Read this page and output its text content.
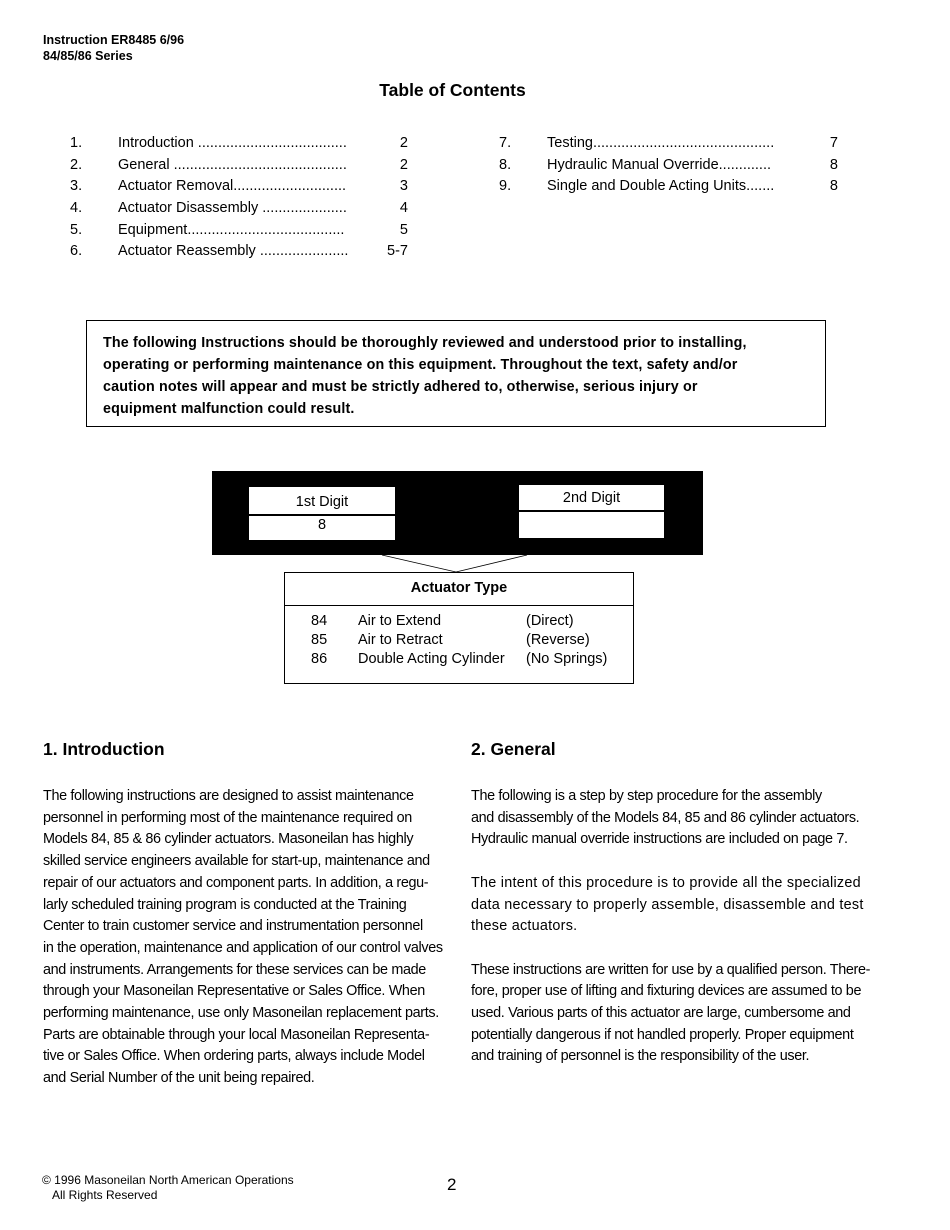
Instruction ER8485 6/96
84/85/86 Series
Table of Contents
1. Introduction .....................................	2
2. General ...........................................	2
3. Actuator Removal............................	3
4. Actuator Disassembly .....................	4
5. Equipment.......................................	5
6. Actuator Reassembly ......................	5-7
7. Testing.............................................	7
8. Hydraulic Manual Override.............	8
9. Single and Double Acting Units.......	8
The following Instructions should be thoroughly reviewed and understood prior to installing,
operating or performing maintenance on this equipment. Throughout the text, safety and/or
caution notes will appear and must be strictly adhered to, otherwise, serious injury or
equipment malfunction could result.
1st Digit
8
2nd Digit
Actuator Type
84 Air to Extend	(Direct)
85 Air to Retract	(Reverse)
86 Double Acting Cylinder (No Springs)
1. Introduction

The following instructions are designed to assist maintenance
personnel in performing most of the maintenance required on
Models 84, 85 & 86 cylinder actuators. Masoneilan has highly
skilled service engineers available for start-up, maintenance and
repair of our actuators and component parts. In addition, a regu-
larly scheduled training program is conducted at the Training
Center to train customer service and instrumentation personnel
in the operation, maintenance and application of our control valves
and instruments. Arrangements for these services can be made
through your Masoneilan Representative or Sales Office. When
performing maintenance, use only Masoneilan replacement parts.
Parts are obtainable through your local Masoneilan Representa-
tive or Sales Office. When ordering parts, always include Model
and Serial Number of the unit being repaired.

2. General

The following is a step by step procedure for the assembly
and disassembly of the Models 84, 85 and 86 cylinder actuators.
Hydraulic manual override instructions are included on page 7.

The intent of this procedure is to provide all the specialized
data necessary to properly assemble, disassemble and test
these actuators.

These instructions are written for use by a qualified person. There-
fore, proper use of lifting and fixturing devices are assumed to be
used. Various parts of this actuator are large, cumbersome and
potentially dangerous if not handled properly. Proper equipment
and training of personnel is the responsibility of the user.

© 1996 Masoneilan North American Operations
All Rights Reserved
2
